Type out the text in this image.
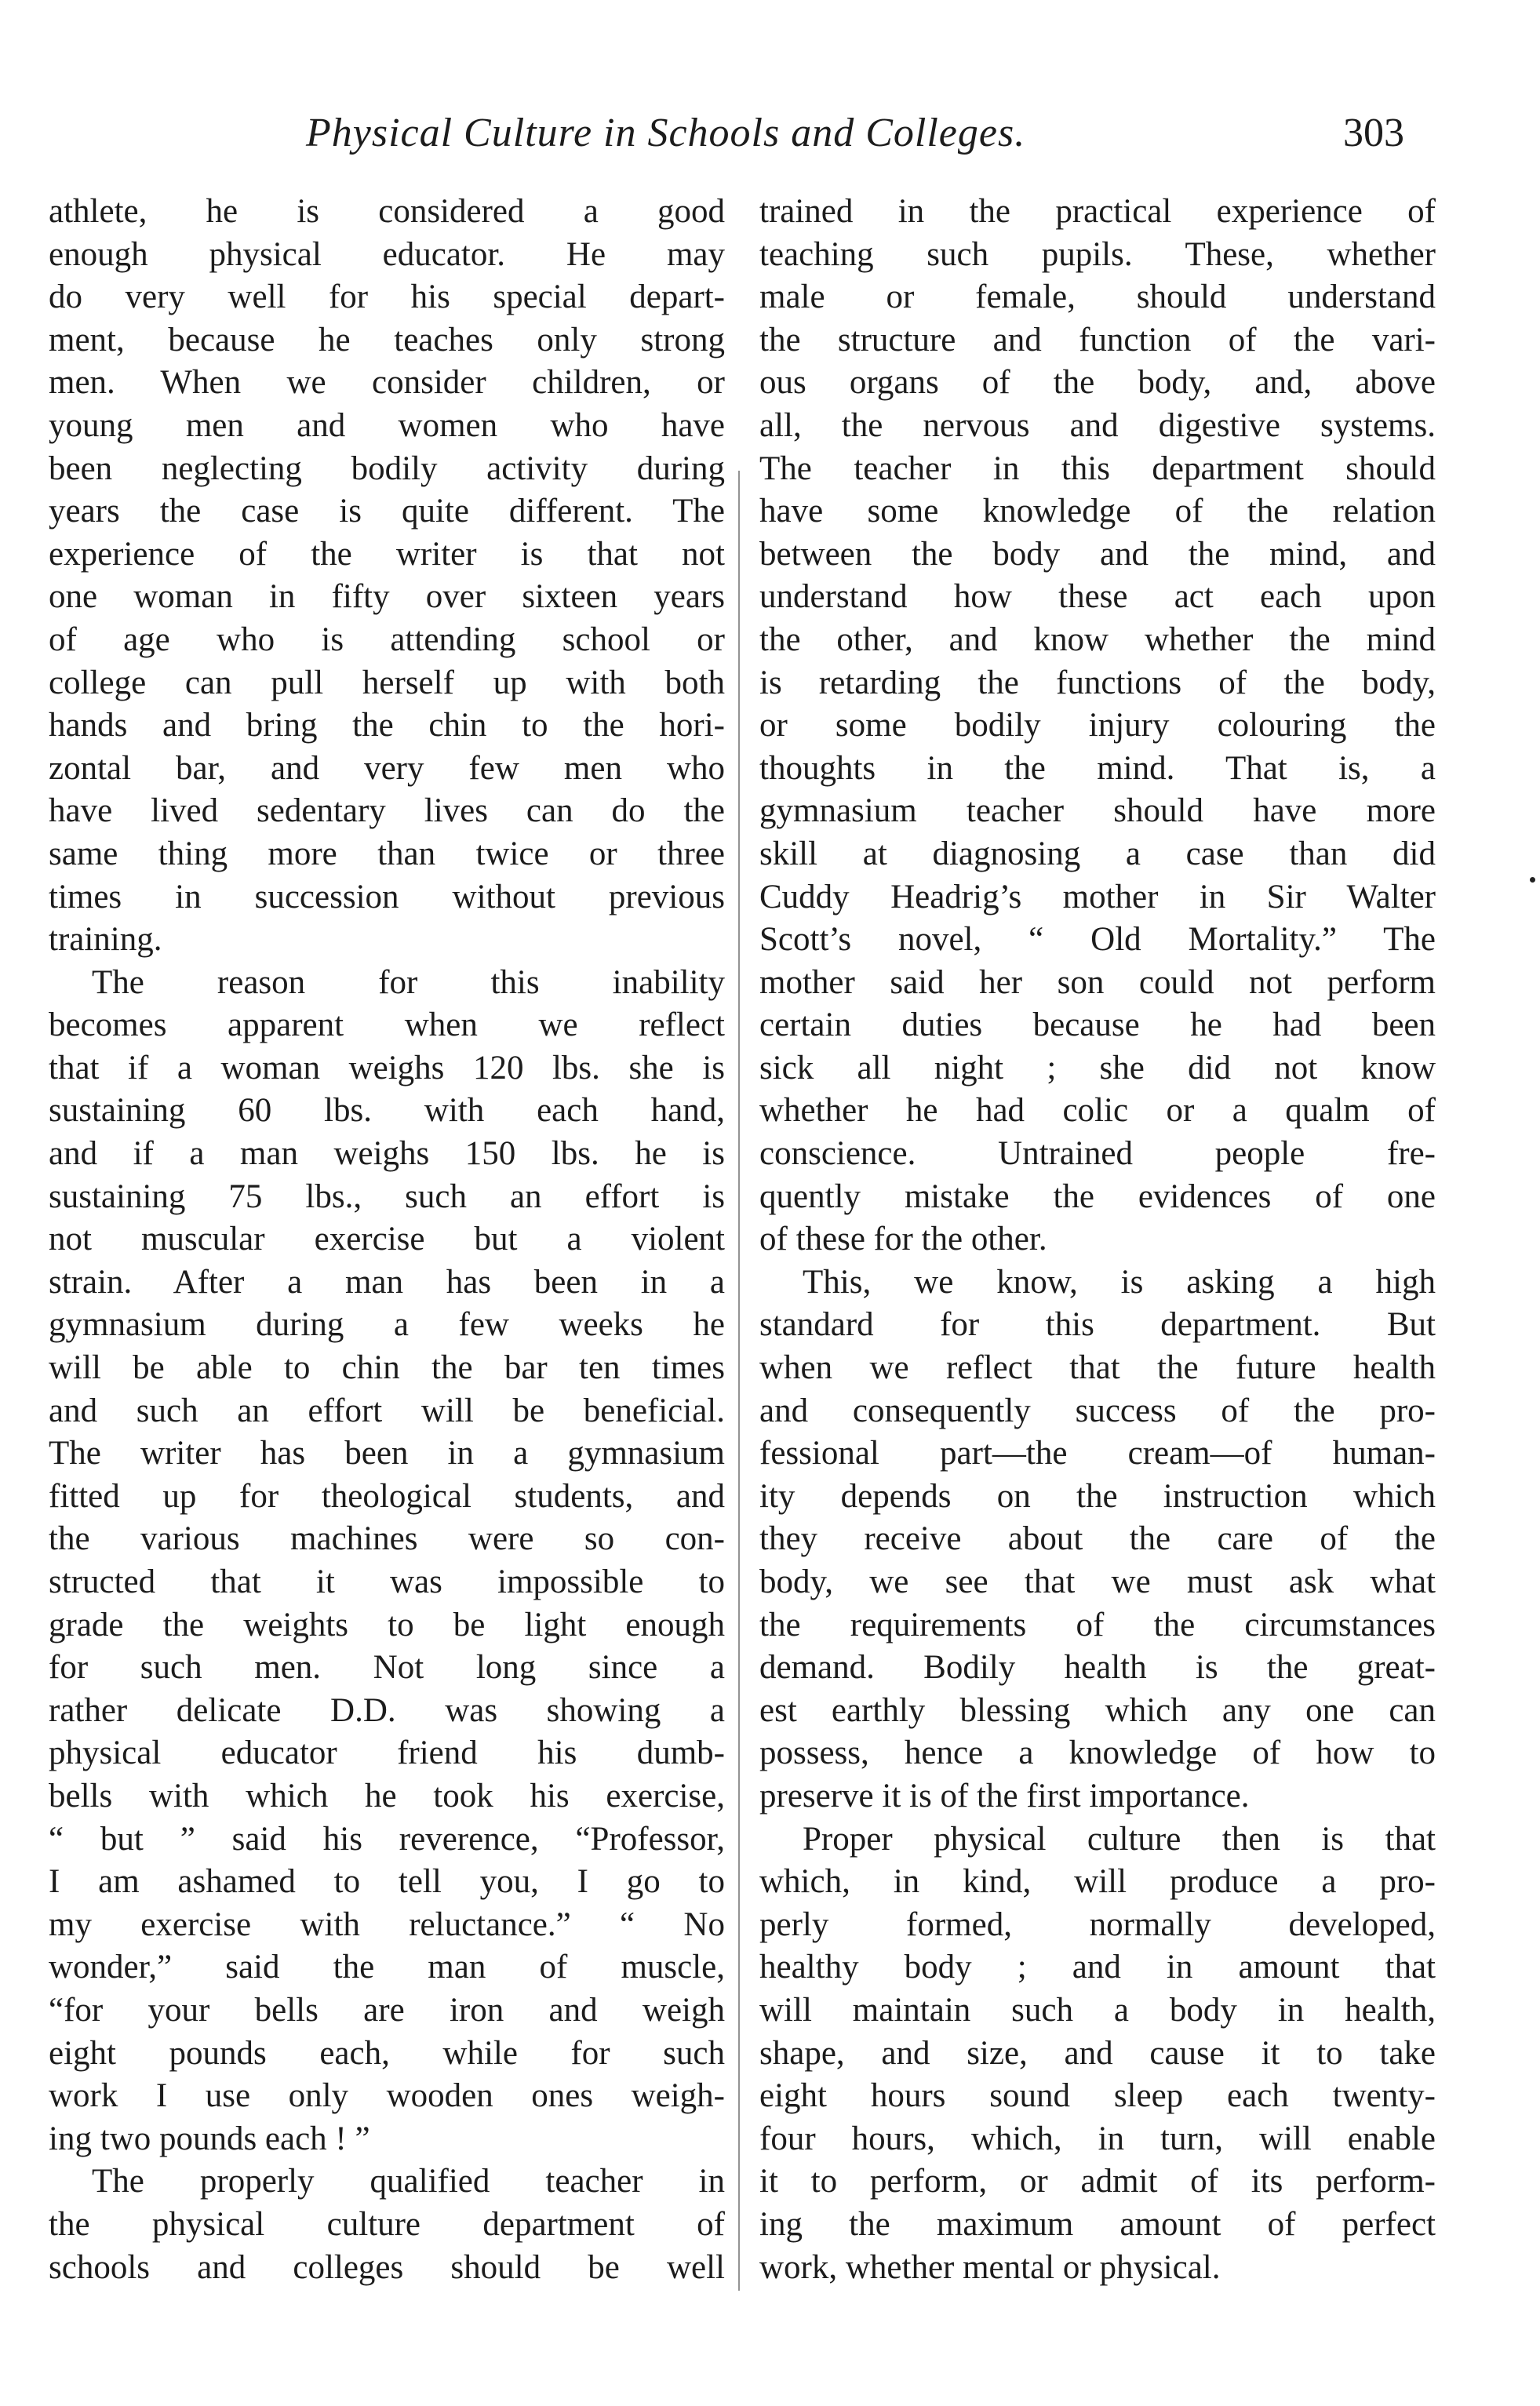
Physical Culture in Schools and Colleges.	303
athlete, he is considered a good
enough physical educator. He may
do very well for his special depart-
ment, because he teaches only strong
men. When we consider children, or
young men and women who have
been neglecting bodily activity during
years the case is quite different. The
experience of the writer is that not
one woman in fifty over sixteen years
of age who is attending school or
college can pull herself up with both
hands and bring the chin to the hori-
zontal bar, and very few men who
have lived sedentary lives can do the
same thing more than twice or three
times in succession without previous
training.
The reason for this inability
becomes apparent when we reflect
that if a woman weighs 120 lbs. she is
sustaining 60 lbs. with each hand,
and if a man weighs 150 lbs. he is
sustaining 75 lbs., such an effort is
not muscular exercise but a violent
strain. After a man has been in a
gymnasium during a few weeks he
will be able to chin the bar ten times
and such an effort will be beneficial.
The writer has been in a gymnasium
fitted up for theological students, and
the various machines were so con-
structed that it was impossible to
grade the weights to be light enough
for such men. Not long since a
rather delicate D.D. was showing a
physical educator friend his dumb-
bells with which he took his exercise,
“ but ” said his reverence, “Professor,
I am ashamed to tell you, I go to
my exercise with reluctance.” “ No
wonder,” said the man of muscle,
“for your bells are iron and weigh
eight pounds each, while for such
work I use only wooden ones weigh-
ing two pounds each ! ”
The properly qualified teacher in
the physical culture department of
schools and colleges should be well
trained in the practical experience of
teaching such pupils. These, whether
male or female, should understand
the structure and function of the vari-
ous organs of the body, and, above
all, the nervous and digestive systems.
The teacher in this department should
have some knowledge of the relation
between the body and the mind, and
understand how these act each upon
the other, and know whether the mind
is retarding the functions of the body,
or some bodily injury colouring the
thoughts in the mind. That is, a
gymnasium teacher should have more
skill at diagnosing a case than did
Cuddy Headrig’s mother in Sir Walter
Scott’s novel, “ Old Mortality.” The
mother said her son could not perform
certain duties because he had been
sick all night ; she did not know
whether he had colic or a qualm of
conscience. Untrained people fre-
quently mistake the evidences of one
of these for the other.
This, we know, is asking a high
standard for this department. But
when we reflect that the future health
and consequently success of the pro-
fessional part—the cream—of human-
ity depends on the instruction which
they receive about the care of the
body, we see that we must ask what
the requirements of the circumstances
demand. Bodily health is the great-
est earthly blessing which any one can
possess, hence a knowledge of how to
preserve it is of the first importance.
Proper physical culture then is that
which, in kind, will produce a pro-
perly formed, normally developed,
healthy body ; and in amount that
will maintain such a body in health,
shape, and size, and cause it to take
eight hours sound sleep each twenty-
four hours, which, in turn, will enable
it to perform, or admit of its perform-
ing the maximum amount of perfect
work, whether mental or physical.
